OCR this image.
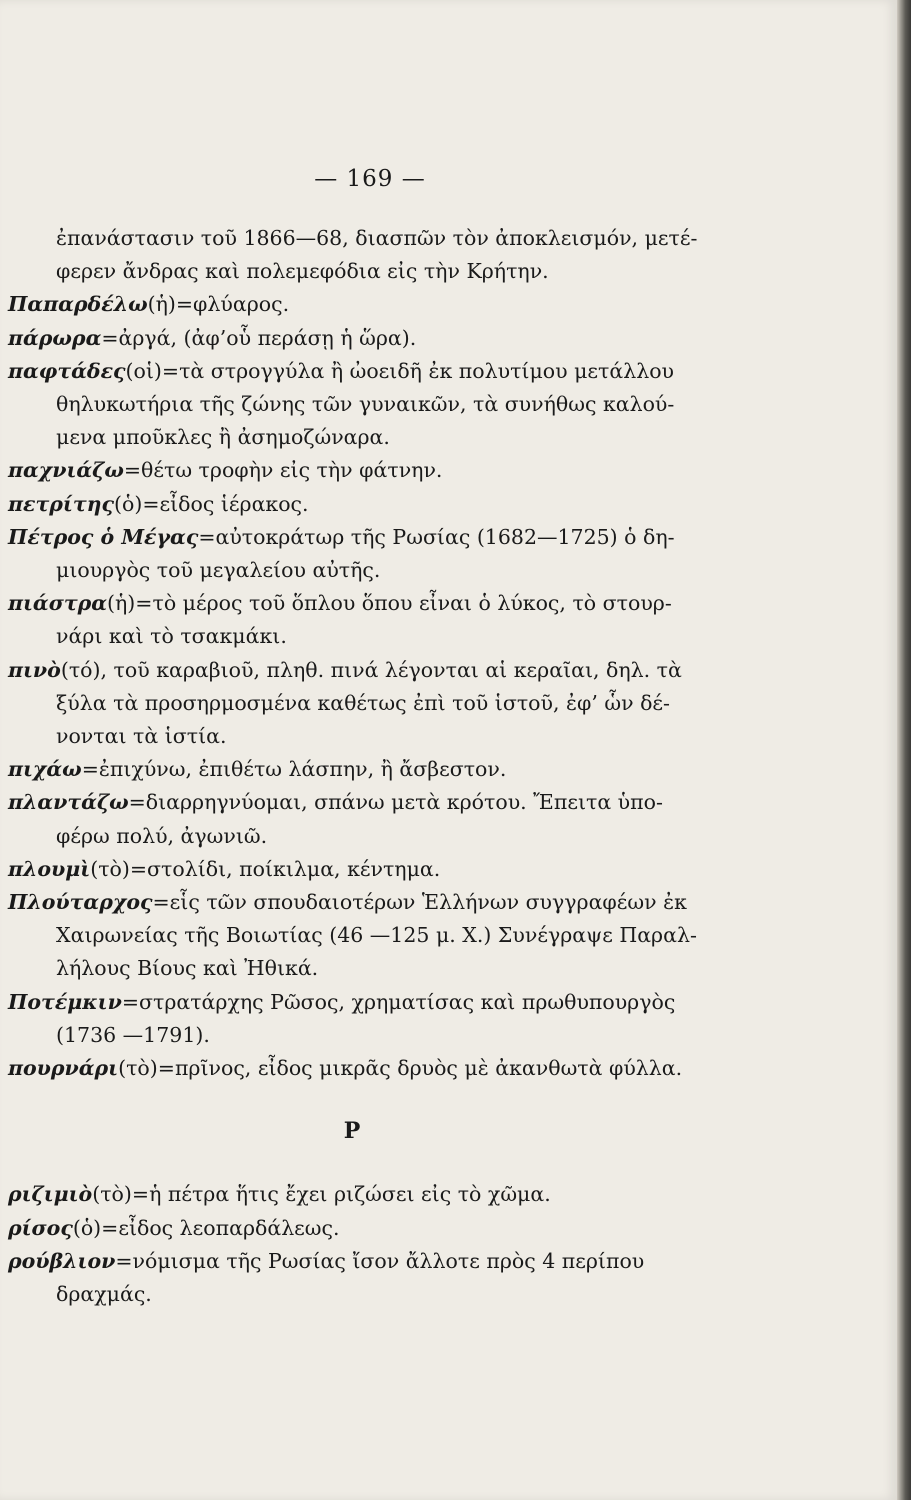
— 169 —

ἐπανάστασιν τοῦ 1866—68, διασπῶν τὸν ἀποκλεισμόν, μετέ-
φερεν ἄνδρας καὶ πολεμεφόδια εἰς τὴν Κρήτην.

Παπαρδέλω(ἡ)=φλύαρος.

πάρωρα=ἀργά, (ἀφ’οὗ περάσῃ ἡ ὥρα).

παφτάδες(οἱ)=τὰ στρογγύλα ἢ ὠοειδῆ ἐκ πολυτίμου μετάλλου
θηλυκωτήρια τῆς ζώνης τῶν γυναικῶν, τὰ συνήθως καλού-
μενα μποῦκλες ἢ ἀσημοζώναρα.

παχνιάζω=θέτω τροφὴν εἰς τὴν φάτνην.

πετρίτης(ὁ)=εἶδος ἱέρακος.

Πέτρος ὁ Μέγας=αὐτοκράτωρ τῆς Ρωσίας (1682—1725) ὁ δη-
μιουργὸς τοῦ μεγαλείου αὐτῆς.

πιάστρα(ἡ)=τὸ μέρος τοῦ ὅπλου ὅπου εἶναι ὁ λύκος, τὸ στουρ-
νάρι καὶ τὸ τσακμάκι.

πινὸ(τό), τοῦ καραβιοῦ, πληθ. πινά λέγονται αἱ κεραῖαι, δηλ. τὰ
ξύλα τὰ προσηρμοσμένα καθέτως ἐπὶ τοῦ ἱστοῦ, ἐφ’ ὧν δέ-
νονται τὰ ἱστία.

πιχάω=ἐπιχύνω, ἐπιθέτω λάσπην, ἢ ἄσβεστον.

πλαντάζω=διαρρηγνύομαι, σπάνω μετὰ κρότου. Ἔπειτα ὑπο-
φέρω πολύ, ἀγωνιῶ.

πλουμὶ(τὸ)=στολίδι, ποίκιλμα, κέντημα.

Πλούταρχος=εἷς τῶν σπουδαιοτέρων Ἑλλήνων συγγραφέων ἐκ
Χαιρωνείας τῆς Βοιωτίας (46 —125 μ. Χ.) Συνέγραψε Παραλ-
λήλους Βίους καὶ Ἠθικά.

Ποτέμκιν=στρατάρχης Ρῶσος, χρηματίσας καὶ πρωθυπουργὸς
(1736 —1791).

πουρνάρι(τὸ)=πρῖνος, εἶδος μικρᾶς δρυὸς μὲ ἀκανθωτὰ φύλλα.

Ρ

ριζιμιὸ(τὸ)=ἡ πέτρα ἥτις ἔχει ριζώσει εἰς τὸ χῶμα.

ρίσος(ὁ)=εἶδος λεοπαρδάλεως.

ρούβλιον=νόμισμα τῆς Ρωσίας ἴσον ἄλλοτε πρὸς 4 περίπου
δραχμάς.
